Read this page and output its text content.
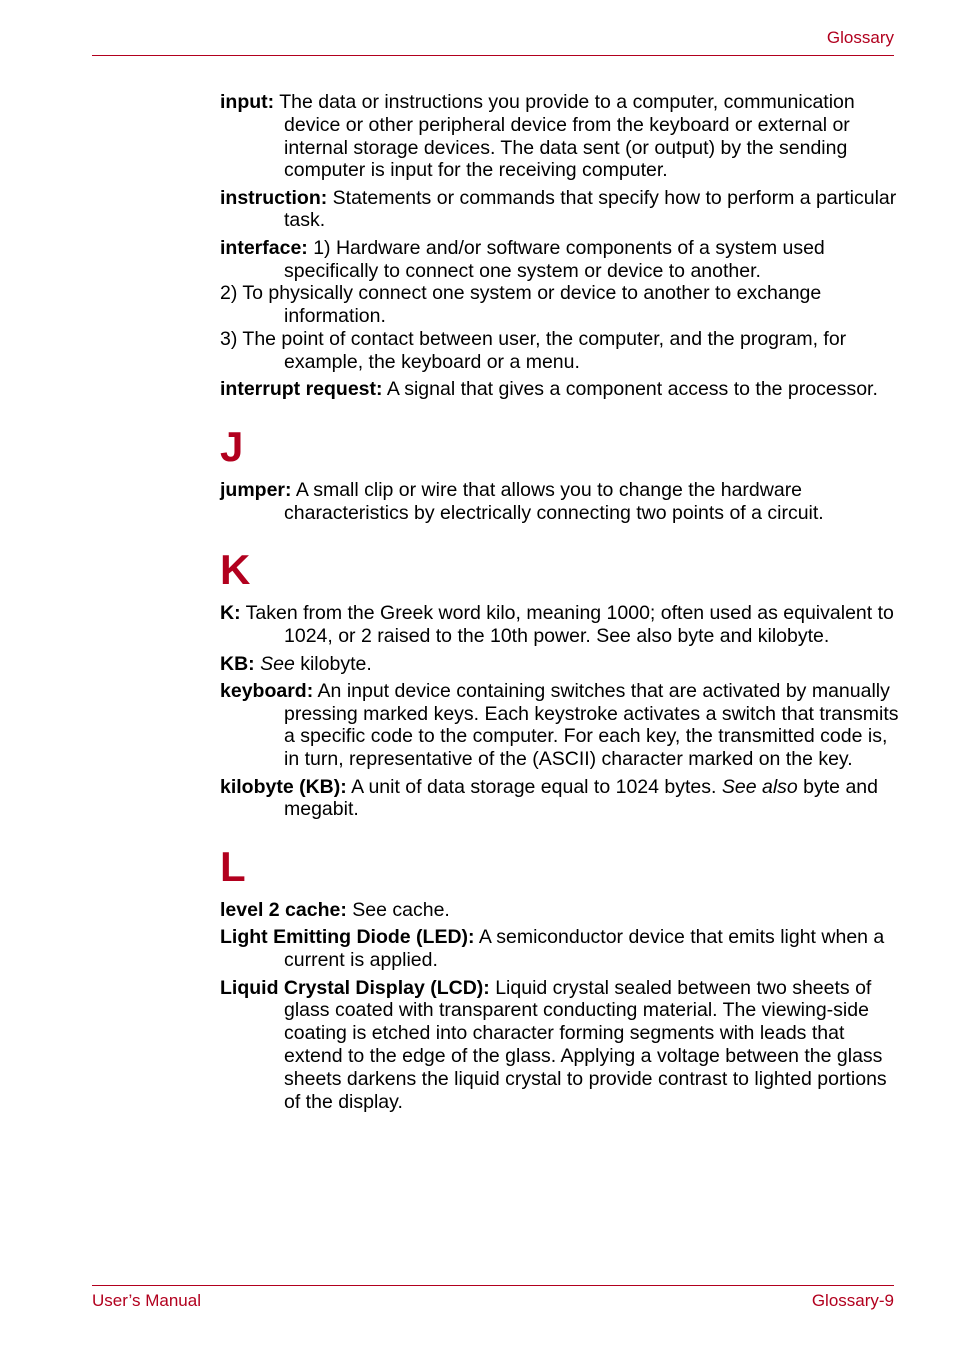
Glossary

input: The data or instructions you provide to a computer, communication device or other peripheral device from the keyboard or external or internal storage devices. The data sent (or output) by the sending computer is input for the receiving computer.

instruction: Statements or commands that specify how to perform a particular task.

interface: 1) Hardware and/or software components of a system used specifically to connect one system or device to another.
2) To physically connect one system or device to another to exchange information.
3) The point of contact between user, the computer, and the program, for example, the keyboard or a menu.

interrupt request: A signal that gives a component access to the processor.

J

jumper: A small clip or wire that allows you to change the hardware characteristics by electrically connecting two points of a circuit.

K

K: Taken from the Greek word kilo, meaning 1000; often used as equivalent to 1024, or 2 raised to the 10th power. See also byte and kilobyte.

KB: See kilobyte.

keyboard: An input device containing switches that are activated by manually pressing marked keys. Each keystroke activates a switch that transmits a specific code to the computer. For each key, the transmitted code is, in turn, representative of the (ASCII) character marked on the key.

kilobyte (KB): A unit of data storage equal to 1024 bytes. See also byte and megabit.

L

level 2 cache: See cache.

Light Emitting Diode (LED): A semiconductor device that emits light when a current is applied.

Liquid Crystal Display (LCD): Liquid crystal sealed between two sheets of glass coated with transparent conducting material. The viewing-side coating is etched into character forming segments with leads that extend to the edge of the glass. Applying a voltage between the glass sheets darkens the liquid crystal to provide contrast to lighted portions of the display.

User’s Manual	Glossary-9
